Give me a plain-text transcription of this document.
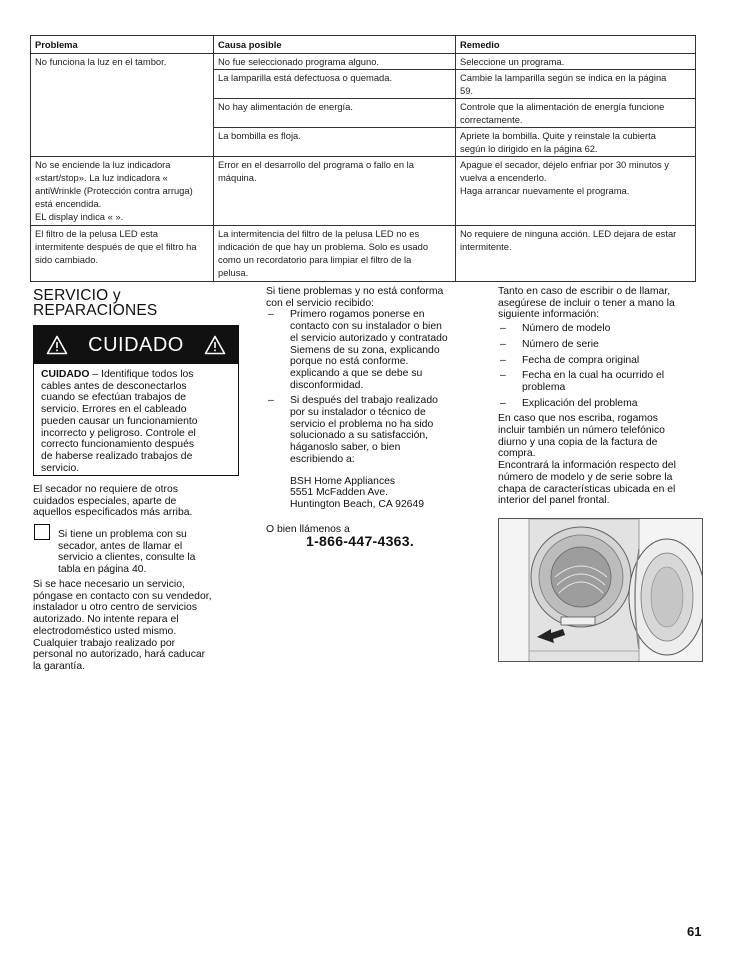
Problema	Causa posible	Remedio

No funciona la luz en el tambor.	No fue seleccionado programa alguno.	Seleccione un programa.

	La lamparilla está defectuosa o quemada.	Cambie la lamparilla según se indica en la página
59.

	No hay alimentación de energía.	Controle que la alimentación de energía funcione
correctamente.

	La bombilla es floja.	Apriete la bombilla. Quite y reinstale la cubierta
según lo dirigido en la página 62.

No se enciende la luz indicadora
«start/stop». La luz indicadora «
antiWrinkle (Protección contra arruga)
está encendida.
EL display indica « ».	Error en el desarrollo del programa o fallo en la
máquina.	Apague el secador, déjelo enfriar por 30 minutos y
vuelva a encenderlo.
Haga arrancar nuevamente el programa.

El filtro de la pelusa LED esta
intermitente después de que el filtro ha
sido cambiado.	La intermitencia del filtro de la pelusa LED no es
indicación de que hay un problema. Solo es usado
como un recordatorio para limpiar el filtro de la
pelusa.	No requiere de ninguna acción. LED dejara de estar
intermitente.
SERVICIO y
REPARACIONES
CUIDADO
CUIDADO – Identifique todos los
cables antes de desconectarlos
cuando se efectúan trabajos de
servicio. Errores en el cableado
pueden causar un funcionamiento
incorrecto y peligroso. Controle el
correcto funcionamiento después
de haberse realizado trabajos de
servicio.
El secador no requiere de otros
cuidados especiales, aparte de
aquellos especificados más arriba.
Si tiene un problema con su
secador, antes de llamar el
servicio a clientes, consulte la
tabla en página 40.
Si se hace necesario un servicio,
póngase en contacto con su vendedor,
instalador u otro centro de servicios
autorizado. No intente repara el
electrodoméstico usted mismo.
Cualquier trabajo realizado por
personal no autorizado, hará caducar
la garantía.
Si tiene problemas y no está conforma
con el servicio recibido:
– Primero rogamos ponerse en
contacto con su instalador o bien
el servicio autorizado y contratado
Siemens de su zona, explicando
porque no está conforme.
explicando a que se debe su
disconformidad.
– Si después del trabajo realizado
por su instalador o técnico de
servicio el problema no ha sido
solucionado a su satisfacción,
háganoslo saber, o bien
escribiendo a:
BSH Home Appliances
5551 McFadden Ave.
Huntington Beach, CA 92649
O bien llámenos a
1-866-447-4363.
Tanto en caso de escribir o de llamar,
asegúrese de incluir o tener a mano la
siguiente información:
– Número de modelo
– Número de serie
– Fecha de compra original
– Fecha en la cual ha ocurrido el
problema
– Explicación del problema
En caso que nos escriba, rogamos
incluir también un número telefónico
diurno y una copia de la factura de
compra.
Encontrará la información respecto del
número de modelo y de serie sobre la
chapa de características ubicada en el
interior del panel frontal.
61
